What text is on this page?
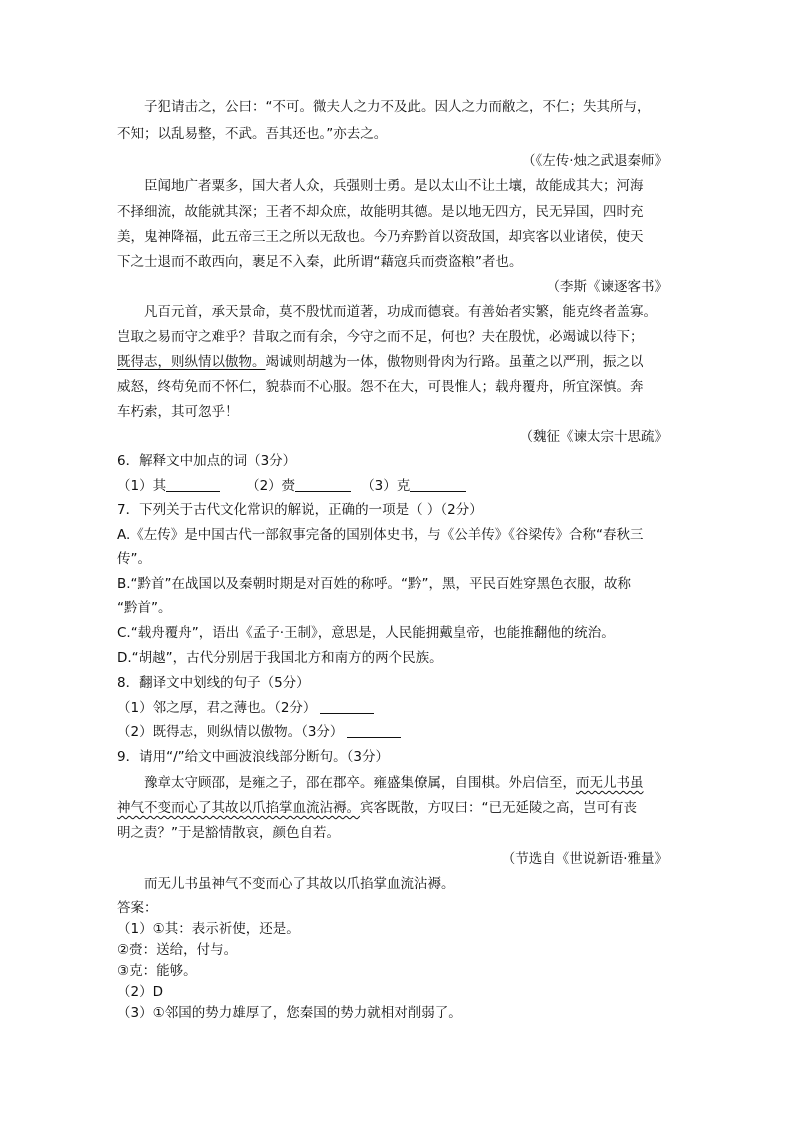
子犯请击之，公曰：“不可。微夫人之力不及此。因人之力而敝之，不仁；失其所与，
不知；以乱易整，不武。吾其还也。”亦去之。
（《左传·烛之武退秦师》
臣闻地广者粟多，国大者人众，兵强则士勇。是以太山不让土壤，故能成其大；河海
不择细流，故能就其深；王者不却众庶，故能明其德。是以地无四方，民无异国，四时充
美，鬼神降福，此五帝三王之所以无敌也。今乃弃黔首以资敌国，却宾客以业诸侯，使天
下之士退而不敢西向，裹足不入秦，此所谓“藉寇兵而赍盗粮”者也。
（李斯《谏逐客书》
凡百元首，承天景命，莫不殷忧而道著，功成而德衰。有善始者实繁，能克终者盖寡。
岂取之易而守之难乎？昔取之而有余，今守之而不足，何也？夫在殷忧，必竭诚以待下；
既得志，则纵情以傲物。竭诚则胡越为一体，傲物则骨肉为行路。虽董之以严刑，振之以
威怒，终苟免而不怀仁，貌恭而不心服。怨不在大，可畏惟人；载舟覆舟，所宜深慎。奔
车朽索，其可忽乎！
（魏征《谏太宗十思疏》
6．解释文中加点的词（3分）
（1）其	（2）赍	（3）克
7．下列关于古代文化常识的解说，正确的一项是（ ）（2分）
A.《左传》是中国古代一部叙事完备的国别体史书，与《公羊传》《谷梁传》合称“春秋三
传”。
B.“黔首”在战国以及秦朝时期是对百姓的称呼。“黔”，黑，平民百姓穿黑色衣服，故称
“黔首”。
C.“载舟覆舟”，语出《孟子·王制》，意思是，人民能拥戴皇帝，也能推翻他的统治。
D.“胡越”，古代分别居于我国北方和南方的两个民族。
8．翻译文中划线的句子（5分）
（1）邻之厚，君之薄也。（2分）
（2）既得志，则纵情以傲物。（3分）
9．请用“/”给文中画波浪线部分断句。（3分）
豫章太守顾邵，是雍之子，邵在郡卒。雍盛集僚属，自围棋。外启信至，而无儿书虽
神气不变而心了其故以爪掐掌血流沾褥。宾客既散，方叹曰：“已无延陵之高，岂可有丧
明之责？”于是豁情散哀，颜色自若。
（节选自《世说新语·雅量》
而无儿书虽神气不变而心了其故以爪掐掌血流沾褥。
答案：
（1）①其：表示祈使，还是。
②赍：送给，付与。
③克：能够。
（2）D
（3）①邻国的势力雄厚了，您秦国的势力就相对削弱了。
